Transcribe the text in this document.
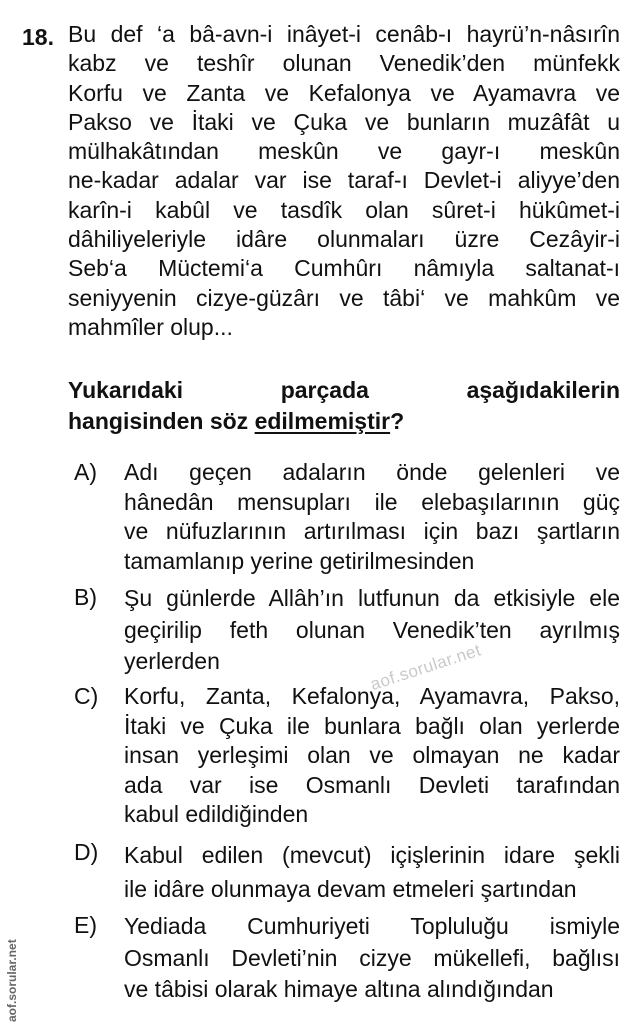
18. Bu def ‘a bâ-avn-i inâyet-i cenâb-ı hayrü’n-nâsırîn
kabz ve teshîr olunan Venedik’den münfekk
Korfu ve Zanta ve Kefalonya ve Ayamavra ve
Pakso ve İtaki ve Çuka ve bunların muzâfât u
mülhakâtından meskûn ve gayr-ı meskûn
ne-kadar adalar var ise taraf-ı Devlet-i aliyye’den
karîn-i kabûl ve tasdîk olan sûret-i hükûmet-i
dâhiliyeleriyle idâre olunmaları üzre Cezâyir-i
Seb‘a Müctemi‘a Cumhûrı nâmıyla saltanat-ı
seniyyenin cizye-güzârı ve tâbi‘ ve mahkûm ve
mahmîler olup...
Yukarıdaki parçada aşağıdakilerin
hangisinden söz edilmemiştir?
A) Adı geçen adaların önde gelenleri ve
hânedân mensupları ile elebaşılarının güç
ve nüfuzlarının artırılması için bazı şartların
tamamlanıp yerine getirilmesinden
B) Şu günlerde Allâh’ın lutfunun da etkisiyle ele
geçirilip feth olunan Venedik’ten ayrılmış
yerlerden
C) Korfu, Zanta, Kefalonya, Ayamavra, Pakso,
İtaki ve Çuka ile bunlara bağlı olan yerlerde
insan yerleşimi olan ve olmayan ne kadar
ada var ise Osmanlı Devleti tarafından
kabul edildiğinden
D) Kabul edilen (mevcut) içişlerinin idare şekli
ile idâre olunmaya devam etmeleri şartından
E) Yediada Cumhuriyeti Topluluğu ismiyle
Osmanlı Devleti’nin cizye mükellefi, bağlısı
ve tâbisi olarak himaye altına alındığından
aof.sorular.net
aof.sorular.net
